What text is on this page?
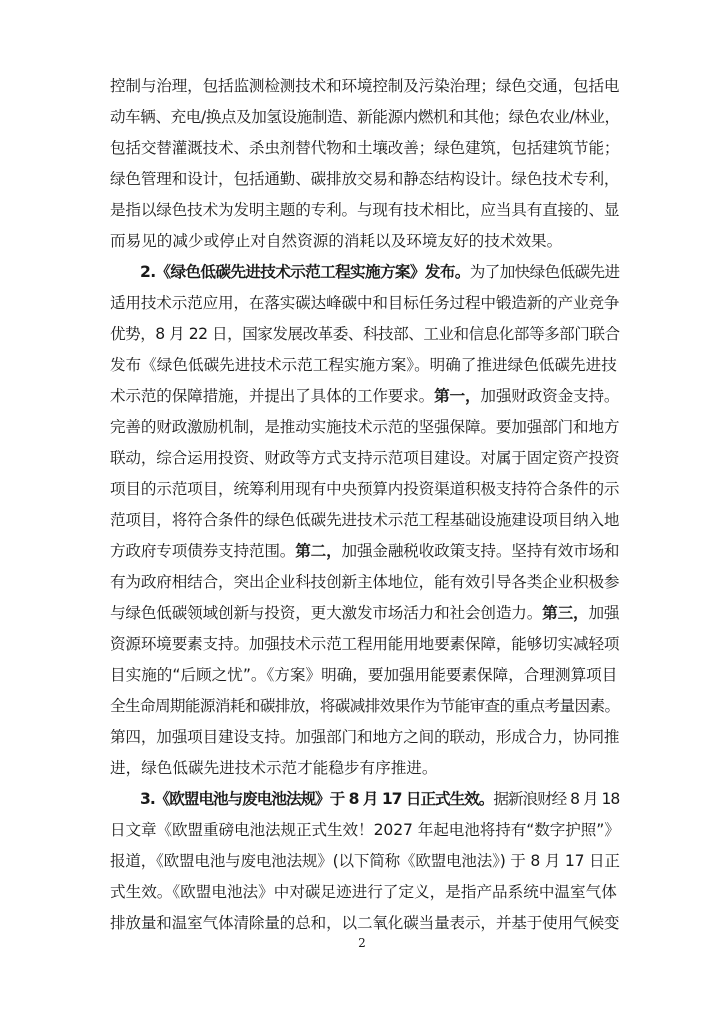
控制与治理，包括监测检测技术和环境控制及污染治理；绿色交通，包括电
动车辆、充电/换点及加氢设施制造、新能源内燃机和其他；绿色农业/林业，
包括交替灌溉技术、杀虫剂替代物和土壤改善；绿色建筑，包括建筑节能；
绿色管理和设计，包括通勤、碳排放交易和静态结构设计。绿色技术专利，
是指以绿色技术为发明主题的专利。与现有技术相比，应当具有直接的、显
而易见的减少或停止对自然资源的消耗以及环境友好的技术效果。
2.《绿色低碳先进技术示范工程实施方案》发布。为了加快绿色低碳先进
适用技术示范应用，在落实碳达峰碳中和目标任务过程中锻造新的产业竞争
优势，8 月 22 日，国家发展改革委、科技部、工业和信息化部等多部门联合
发布《绿色低碳先进技术示范工程实施方案》。明确了推进绿色低碳先进技
术示范的保障措施，并提出了具体的工作要求。第一，加强财政资金支持。
完善的财政激励机制，是推动实施技术示范的坚强保障。要加强部门和地方
联动，综合运用投资、财政等方式支持示范项目建设。对属于固定资产投资
项目的示范项目，统筹利用现有中央预算内投资渠道积极支持符合条件的示
范项目，将符合条件的绿色低碳先进技术示范工程基础设施建设项目纳入地
方政府专项债券支持范围。第二，加强金融税收政策支持。坚持有效市场和
有为政府相结合，突出企业科技创新主体地位，能有效引导各类企业积极参
与绿色低碳领域创新与投资，更大激发市场活力和社会创造力。第三，加强
资源环境要素支持。加强技术示范工程用能用地要素保障，能够切实减轻项
目实施的“后顾之忧”。《方案》明确，要加强用能要素保障，合理测算项目
全生命周期能源消耗和碳排放，将碳减排效果作为节能审查的重点考量因素。
第四，加强项目建设支持。加强部门和地方之间的联动，形成合力，协同推
进，绿色低碳先进技术示范才能稳步有序推进。
3.《欧盟电池与废电池法规》于 8 月 17 日正式生效。据新浪财经 8 月 18
日文章《欧盟重磅电池法规正式生效！2027 年起电池将持有“数字护照”》
报道，《欧盟电池与废电池法规》(以下简称《欧盟电池法》) 于 8 月 17 日正
式生效。《欧盟电池法》中对碳足迹进行了定义，是指产品系统中温室气体
排放量和温室气体清除量的总和，以二氧化碳当量表示，并基于使用气候变
2
